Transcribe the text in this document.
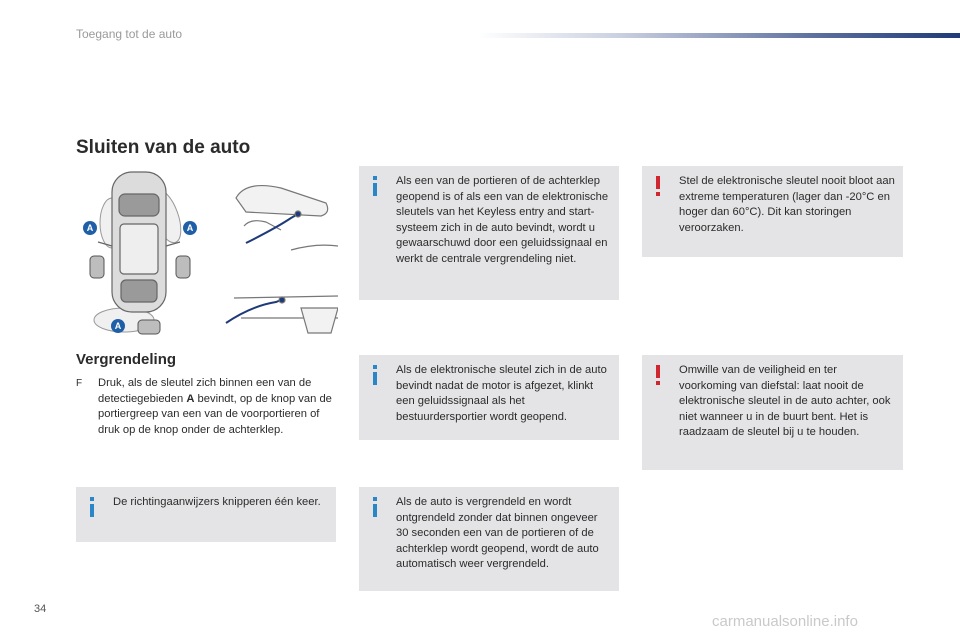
Toegang tot de auto
Sluiten van de auto
A	A
A
Vergrendeling
F Druk, als de sleutel zich binnen een van de detectiegebieden A bevindt, op de knop van de portiergreep van een van de voorportieren of druk op de knop onder de achterklep.
De richtingaanwijzers knipperen één keer.
Als een van de portieren of de achterklep geopend is of als een van de elektronische sleutels van het Keyless entry and start-systeem zich in de auto bevindt, wordt u gewaarschuwd door een geluidssignaal en werkt de centrale vergrendeling niet.
Als de elektronische sleutel zich in de auto bevindt nadat de motor is afgezet, klinkt een geluidssignaal als het bestuurdersportier wordt geopend.
Als de auto is vergrendeld en wordt ontgrendeld zonder dat binnen ongeveer 30 seconden een van de portieren of de achterklep wordt geopend, wordt de auto automatisch weer vergrendeld.
Stel de elektronische sleutel nooit bloot aan extreme temperaturen (lager dan -20°C en hoger dan 60°C). Dit kan storingen veroorzaken.
Omwille van de veiligheid en ter voorkoming van diefstal: laat nooit de elektronische sleutel in de auto achter, ook niet wanneer u in de buurt bent. Het is raadzaam de sleutel bij u te houden.
34
carmanualsonline.info
